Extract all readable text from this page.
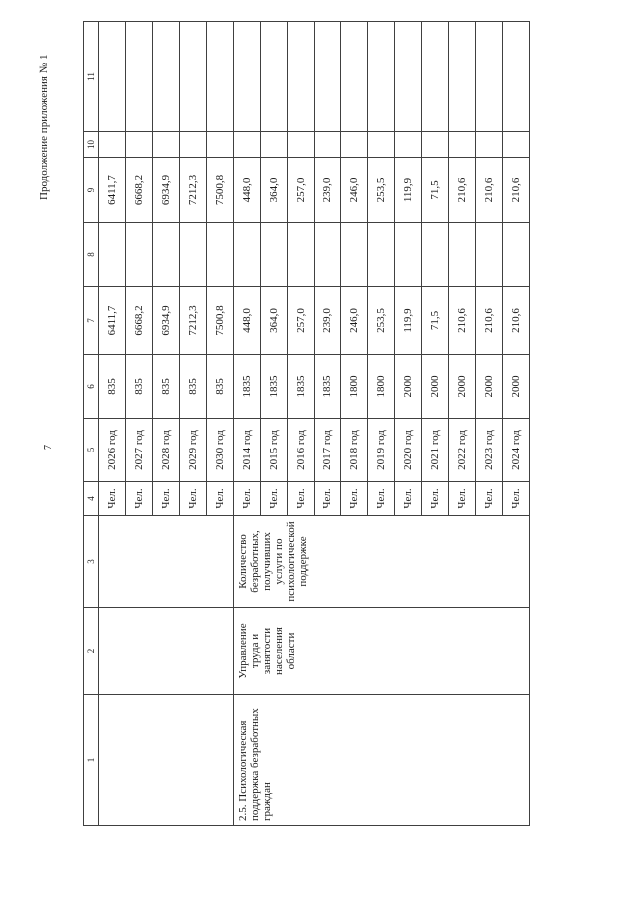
7
Продолжение приложения № 1
1	2	3	4	5	6	7	8	9	10	11
			Чел.	2026 год	835	6411,7		6411,7		
			Чел.	2027 год	835	6668,2		6668,2		
			Чел.	2028 год	835	6934,9		6934,9		
			Чел.	2029 год	835	7212,3		7212,3		
			Чел.	2030 год	835	7500,8		7500,8		
2.5. Психологическая поддержка безработных граждан	Управление труда и занятости населения области	Количество безработных, получивших услуги по психологической поддержке	Чел.	2014 год	1835	448,0		448,0		
			Чел.	2015 год	1835	364,0		364,0		
			Чел.	2016 год	1835	257,0		257,0		
			Чел.	2017 год	1835	239,0		239,0		
			Чел.	2018 год	1800	246,0		246,0		
			Чел.	2019 год	1800	253,5		253,5		
			Чел.	2020 год	2000	119,9		119,9		
			Чел.	2021 год	2000	71,5		71,5		
			Чел.	2022 год	2000	210,6		210,6		
			Чел.	2023 год	2000	210,6		210,6		
			Чел.	2024 год	2000	210,6		210,6		
